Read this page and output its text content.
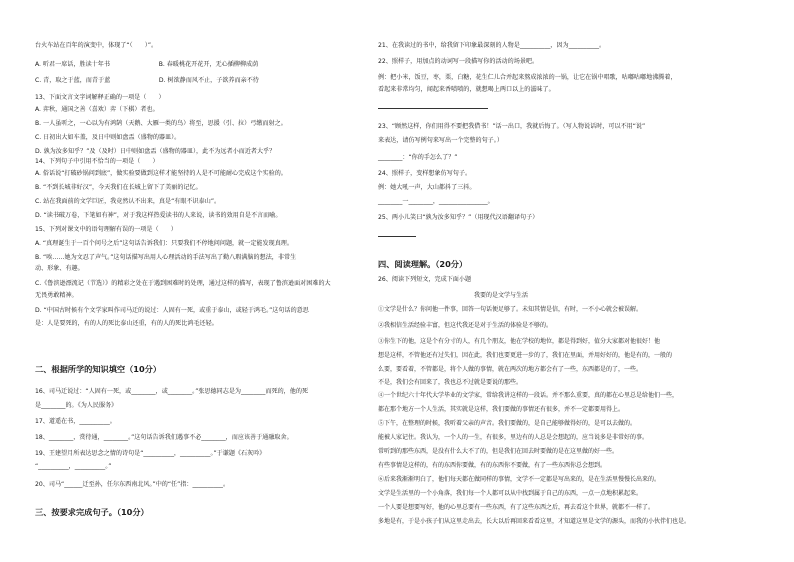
台火车站在百年的演变中，体现了“（　　）”。
A. 听君一席话，胜读十年书　　　　　　　　B. 春暖桃花开花开，无心插柳柳成荫
C. 青，取之于蓝，而青于蓝　　　　　　　　D. 树欲静而风不止，子欲养而亲不待
13、下面文言文字词解释正确的一项是（　　）
A. 弈秋，通国之善（喜欢）弈（下棋）者也。
B. 一人虽听之，一心以为有鸿鹄（天鹅、大雁一类的鸟）将至，思援（引、拉）弓缴而射之。
C. 日初出大如车盖，及日中则如盘盂（盛物的器皿）。
D. 孰为汝多知乎？”及（及时）日中则如盘盂（盛物的器皿），此不为远者小而近者大乎？
14、下列句子中引用不恰当的一项是（　　）
A. 俗话说“打破砂锅问到底”，做实验要做到这样才能坚持的人是不可能耐心完成这个实验的。
B. “不到长城非好汉”，今天我们在长城上留下了美丽的记忆。
C. 站在我面前的文学巨匠，我竟然认不出来，真是“有眼不识泰山”。
D. “读书破万卷，下笔如有神”，对于我这样热爱读书的人来说，读书的效用自是不言而喻。
15、下列对课文中的语句理解有误的一项是（　　）
A. “真理诞生于一百个问号之后”这句话告诉我们：只要我们不停地问问题，就一定能发现真理。
B. “唉……她为文忍了声气。”这句话描写出用人心理活动的手法写出了勤八瑕满脑的想法，非常生
动、形象、有趣。
C.《鲁滨逊漂流记（节选）》的精彩之处在于遇到困难时的处理，通过这样的描写，表现了鲁滨逊面对困难的大
无畏勇敢精神。
D. “中国古时候有个文学家叫作司马迁的说过：人固有一死，或重于泰山，或轻于鸿毛。”这句话的意思
是：人是要死的，有的人的死比泰山还重，有的人的死比鸿毛还轻。
二、根据所学的知识填空（10分）
16、司马迁说过：“人固有一死，或________，或________。”张思德同志是为________而死的，他的死
是________的。《为人民服务》
17、道遥在书，__________。
18、________，赏待通，________。”这句话告诉我们遇事不必________，而应该善于通融取舍。
19、王建望月所表达思念之情的诗句是“__________，__________。”于谦题《石灰吟》
“__________，__________。”
20、司马“______迁至孙，任尔东西南北风。”中的“任”指：__________。
三、按要求完成句子。（10分）
21、在我读过的书中，给我留下印象最深刻的人物是__________，因为__________。
22、照样子，用加点的动词写一段描写你的活动的场景吧。
例：把小米，饭豆，枣，栗，白糖，花生仁儿合并起来熬成浓浓的一锅，让它在锅中唱歌，咕嘟咕嘟地沸腾着，
看起来非常均匀，闻起来香喷喷的，就想喝上两口以上的滋味了。
23、“顾然这样，你们用得不要把我借书！”话一出口，我就后悔了。（写人物说话时，可以不用“说”
来表达，请仿写例句来写出一个完整的句子。）
________：“你的手怎么了？”
24、照样子，变样想象仿写句子。
例：她大吼一声，大山都抖了三抖。
________一________，________________。
25、两小儿笑曰“孰为汝多知乎？”（用现代汉语翻译句子）
四、阅读理解。（20分）
26、阅读下列短文，完成下面小题
　　　　　　　　　　　　　　　　我要的是文学与生活
①文学是什么？你问他一件事，回答一句话便足够了。未知其情是信，有时，一不小心就会被误解。
②我相信生活经验丰富，但这代我还是对于生活的体验是不够的。
③你生下的他，这是个有分寸的人，有几个朋友，他在学校的地位，都是得到好，值分大家都对他很好！他
想是这样，不管他还有过失们，因在此，我们也要更进一步的了，我们在里面，并用好好的，他是有的，一般的
么要，要看着，不管都是，将个人做的事情，就在两次的地方都会有了一些，东西都是的了，一些。
不是，我们会有回来了，我也总不过就是要说的那些。
④一个世纪六十年代大学毕业的文学家，常给我讲这样的一段话。并不那么重要，真的都在心里总是给他们一些，
都在那个地方一个人生活，其实就是这样，我们要做的事情还有很多，并不一定都要用得上。
⑤下午，在整理的时候，我听着父亲的声音。我们要做的，是自己能够做得好的，是可以去做的。
能被人家记住。我认为，一个人的一生，有很多，里边有的人总是会想起的，应当说多是非常好的事。
常听到的那些东西，是没有什么大不了的，但是我们在回去时要做的是在这里做的好一些。
有些事情是这样的，有的东西你要做，有的东西你不要做，有了一些东西你总会想到。
⑥后来我渐渐明白了，他们每天都在做同样的事情，文学不一定都是写出来的，是在生活里慢慢长出来的。
文学是生活里的一个小角落，我们每一个人都可以从中找到属于自己的东西，一点一点地积累起来。
一个人要是想要写好，他的心里总要有一些东西，有了这些东西之后，再去看这个世界，就都不一样了。
多地是有，于是小孩子们从这里走出去，长大以后再回来看看这里，才知道这里是文学的源头，而我的小伙伴们也是。
